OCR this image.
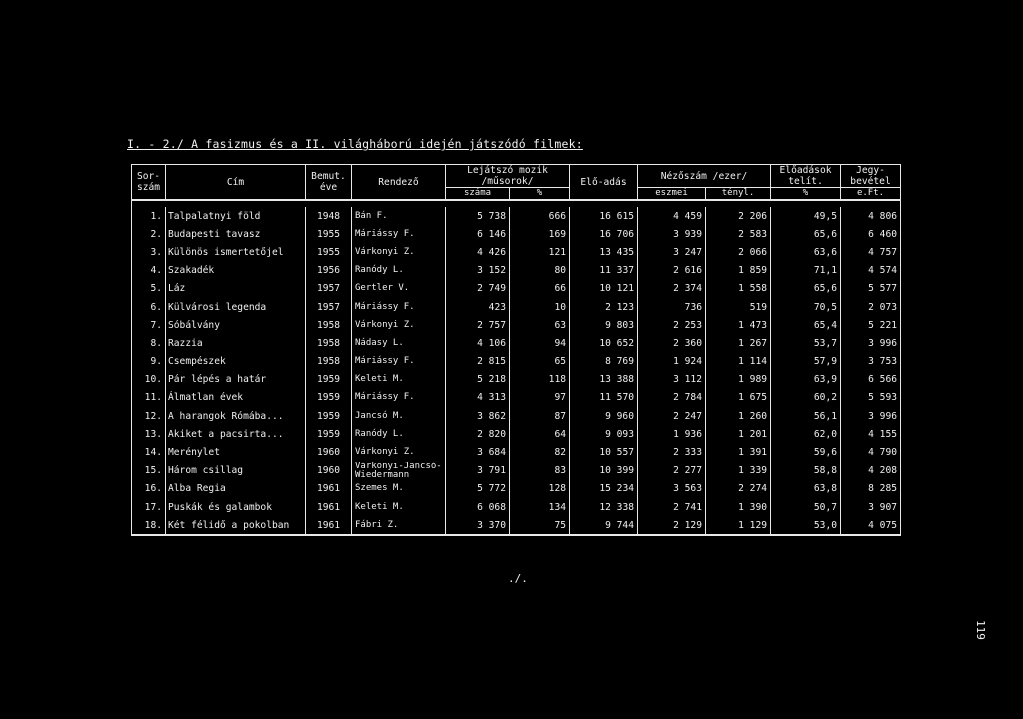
I. - 2./ A fasizmus és a II. világháború idején játszódó filmek:
Sor-szám	Cím	Bemut. éve	Rendező	Lejátszó mozik /műsorok/		Elő-adás	Nézőszám /ezer/		Előadások telít.	Jegy-bevétel
				száma	%		eszmei	tényl.	%	e.Ft.

1.	Talpalatnyi föld	1948	Bán F.	5 738	666	16 615	4 459	2 206	49,5	4 806
2.	Budapesti tavasz	1955	Máriássy F.	6 146	169	16 706	3 939	2 583	65,6	6 460
3.	Különös ismertetőjel	1955	Várkonyi Z.	4 426	121	13 435	3 247	2 066	63,6	4 757
4.	Szakadék	1956	Ranódy L.	3 152	80	11 337	2 616	1 859	71,1	4 574
5.	Láz	1957	Gertler V.	2 749	66	10 121	2 374	1 558	65,6	5 577
6.	Külvárosi legenda	1957	Máriássy F.	423	10	2 123	736	519	70,5	2 073
7.	Sóbálvány	1958	Várkonyi Z.	2 757	63	9 803	2 253	1 473	65,4	5 221
8.	Razzia	1958	Nádasy L.	4 106	94	10 652	2 360	1 267	53,7	3 996
9.	Csempészek	1958	Máriássy F.	2 815	65	8 769	1 924	1 114	57,9	3 753
10.	Pár lépés a határ	1959	Keleti M.	5 218	118	13 388	3 112	1 989	63,9	6 566
11.	Álmatlan évek	1959	Máriássy F.	4 313	97	11 570	2 784	1 675	60,2	5 593
12.	A harangok Rómába...	1959	Jancsó M.	3 862	87	9 960	2 247	1 260	56,1	3 996
13.	Akiket a pacsirta...	1959	Ranódy L.	2 820	64	9 093	1 936	1 201	62,0	4 155
14.	Merénylet	1960	Várkonyi Z.	3 684	82	10 557	2 333	1 391	59,6	4 790
15.	Három csillag	1960	Várkonyi-Jancsó-Wiedermann	3 791	83	10 399	2 277	1 339	58,8	4 208
16.	Alba Regia	1961	Szemes M.	5 772	128	15 234	3 563	2 274	63,8	8 285
17.	Puskák és galambok	1961	Keleti M.	6 068	134	12 338	2 741	1 390	50,7	3 907
18.	Két félidő a pokolban	1961	Fábri Z.	3 370	75	9 744	2 129	1 129	53,0	4 075
./.
119
